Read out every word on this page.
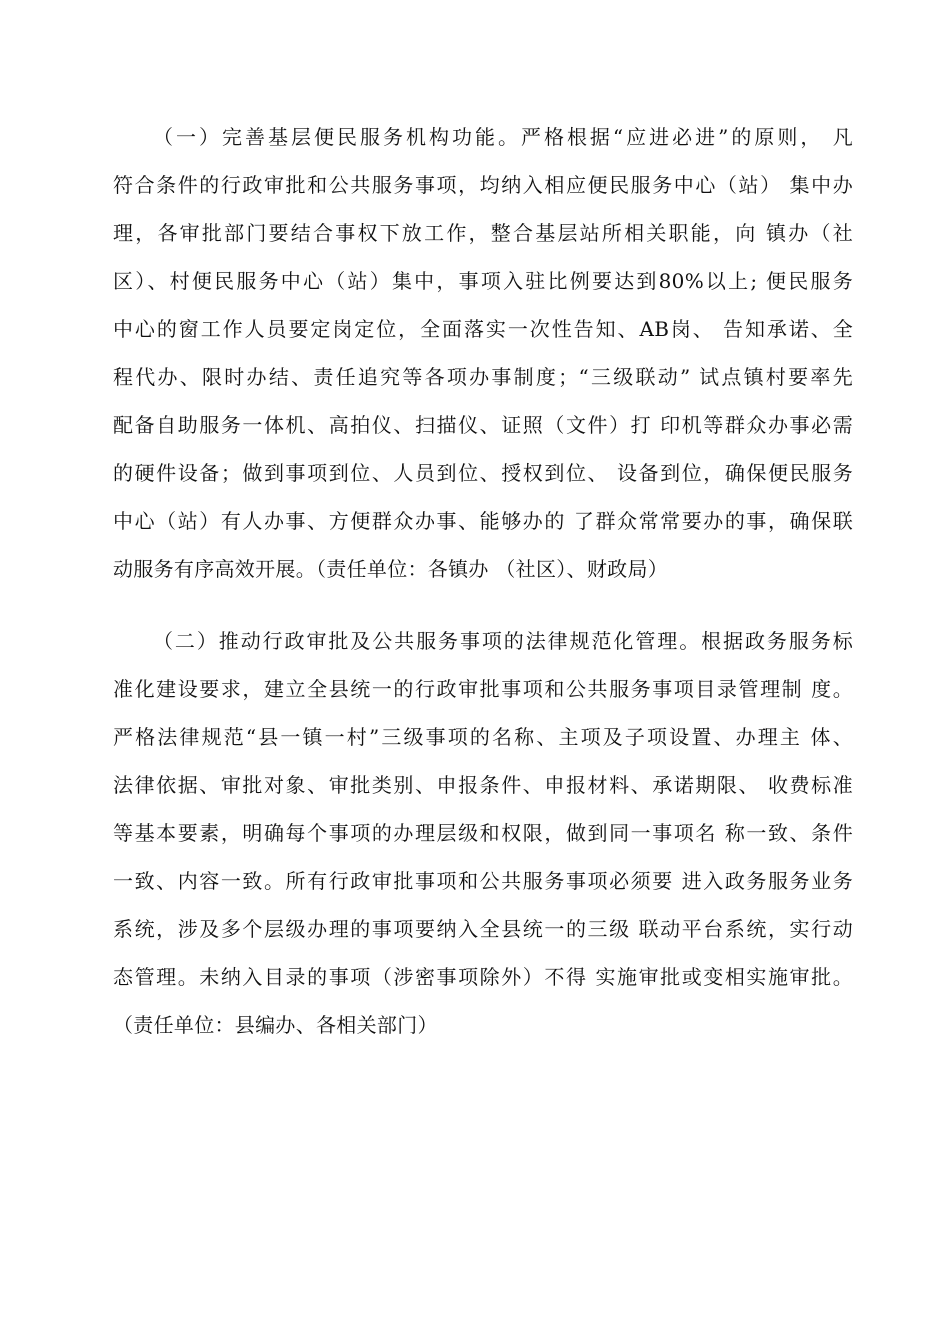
（一）完善基层便民服务机构功能。严格根据“应进必进”的原则， 凡
符合条件的行政审批和公共服务事项，均纳入相应便民服务中心（站） 集中办
理，各审批部门要结合事权下放工作，整合基层站所相关职能，向 镇办（社
区）、村便民服务中心（站）集中，事项入驻比例要达到80%以上; 便民服务
中心的窗工作人员要定岗定位，全面落实一次性告知、AB岗、 告知承诺、全
程代办、限时办结、责任追究等各项办事制度；“三级联动” 试点镇村要率先
配备自助服务一体机、高拍仪、扫描仪、证照（文件）打 印机等群众办事必需
的硬件设备；做到事项到位、人员到位、授权到位、 设备到位，确保便民服务
中心（站）有人办事、方便群众办事、能够办的 了群众常常要办的事，确保联
动服务有序高效开展。（责任单位：各镇办 （社区）、财政局）

（二）推动行政审批及公共服务事项的法律规范化管理。根据政务服务标
准化建设要求，建立全县统一的行政审批事项和公共服务事项目录管理制 度。
严格法律规范“县一镇一村”三级事项的名称、主项及子项设置、办理主 体、
法律依据、审批对象、审批类别、申报条件、申报材料、承诺期限、 收费标准
等基本要素，明确每个事项的办理层级和权限，做到同一事项名 称一致、条件
一致、内容一致。所有行政审批事项和公共服务事项必须要 进入政务服务业务
系统，涉及多个层级办理的事项要纳入全县统一的三级 联动平台系统，实行动
态管理。未纳入目录的事项（涉密事项除外）不得 实施审批或变相实施审批。
（责任单位：县编办、各相关部门）
